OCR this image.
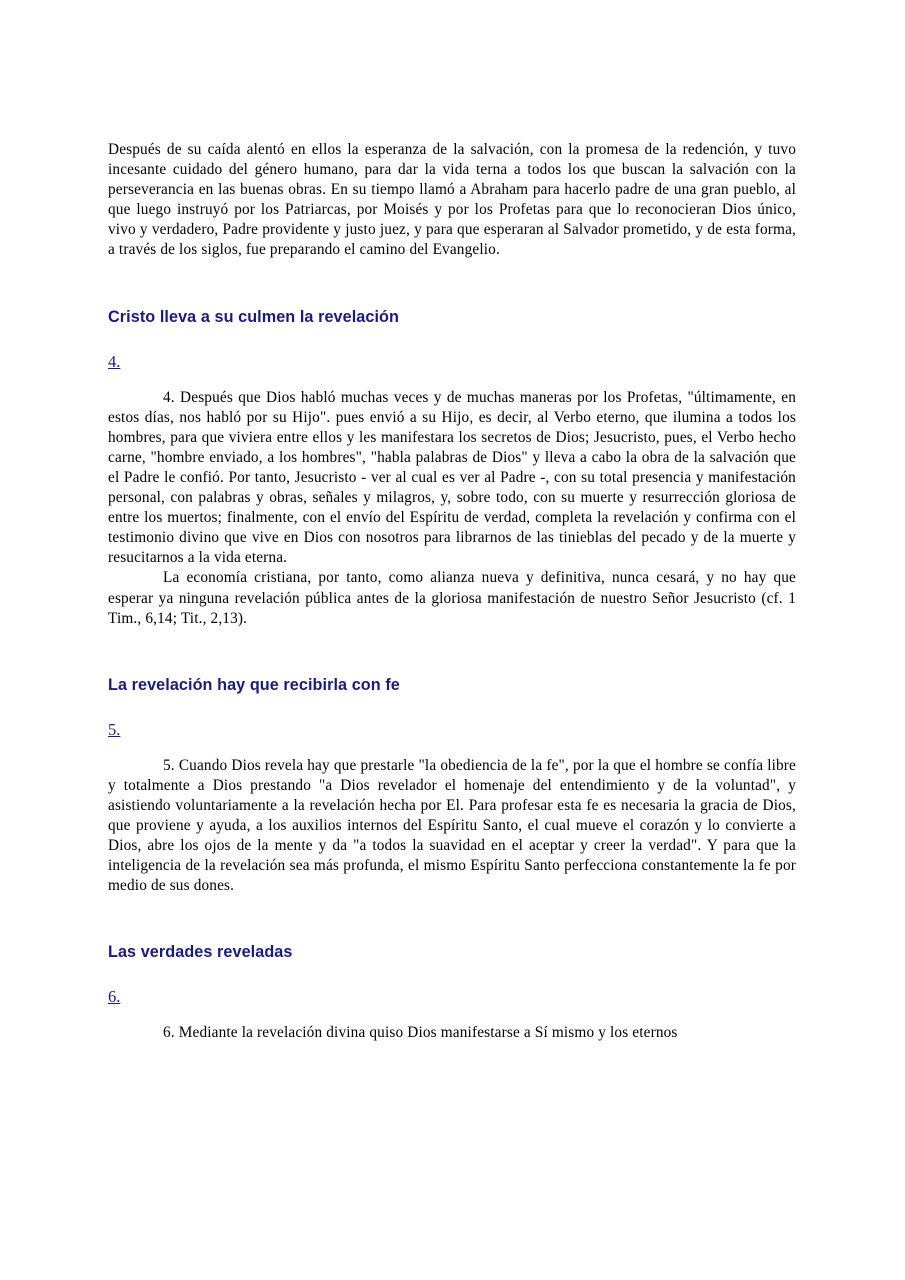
Después de su caída alentó en ellos la esperanza de la salvación, con la promesa de la redención, y tuvo incesante cuidado del género humano, para dar la vida terna a todos los que buscan la salvación con la perseverancia en las buenas obras. En su tiempo llamó a Abraham para hacerlo padre de una gran pueblo, al que luego instruyó por los Patriarcas, por Moisés y por los Profetas para que lo reconocieran Dios único, vivo y verdadero, Padre providente y justo juez, y para que esperaran al Salvador prometido, y de esta forma, a través de los siglos, fue preparando el camino del Evangelio.

Cristo lleva a su culmen la revelación
4.

4. Después que Dios habló muchas veces y de muchas maneras por los Profetas, "últimamente, en estos días, nos habló por su Hijo". pues envió a su Hijo, es decir, al Verbo eterno, que ilumina a todos los hombres, para que viviera entre ellos y les manifestara los secretos de Dios; Jesucristo, pues, el Verbo hecho carne, "hombre enviado, a los hombres", "habla palabras de Dios" y lleva a cabo la obra de la salvación que el Padre le confió. Por tanto, Jesucristo - ver al cual es ver al Padre -, con su total presencia y manifestación personal, con palabras y obras, señales y milagros, y, sobre todo, con su muerte y resurrección gloriosa de entre los muertos; finalmente, con el envío del Espíritu de verdad, completa la revelación y confirma con el testimonio divino que vive en Dios con nosotros para librarnos de las tinieblas del pecado y de la muerte y resucitarnos a la vida eterna.

La economía cristiana, por tanto, como alianza nueva y definitiva, nunca cesará, y no hay que esperar ya ninguna revelación pública antes de la gloriosa manifestación de nuestro Señor Jesucristo (cf. 1 Tim., 6,14; Tit., 2,13).

La revelación hay que recibirla con fe
5.

5. Cuando Dios revela hay que prestarle "la obediencia de la fe", por la que el hombre se confía libre y totalmente a Dios prestando "a Dios revelador el homenaje del entendimiento y de la voluntad", y asistiendo voluntariamente a la revelación hecha por El. Para profesar esta fe es necesaria la gracia de Dios, que proviene y ayuda, a los auxilios internos del Espíritu Santo, el cual mueve el corazón y lo convierte a Dios, abre los ojos de la mente y da "a todos la suavidad en el aceptar y creer la verdad". Y para que la inteligencia de la revelación sea más profunda, el mismo Espíritu Santo perfecciona constantemente la fe por medio de sus dones.

Las verdades reveladas
6.

6. Mediante la revelación divina quiso Dios manifestarse a Sí mismo y los eternos
